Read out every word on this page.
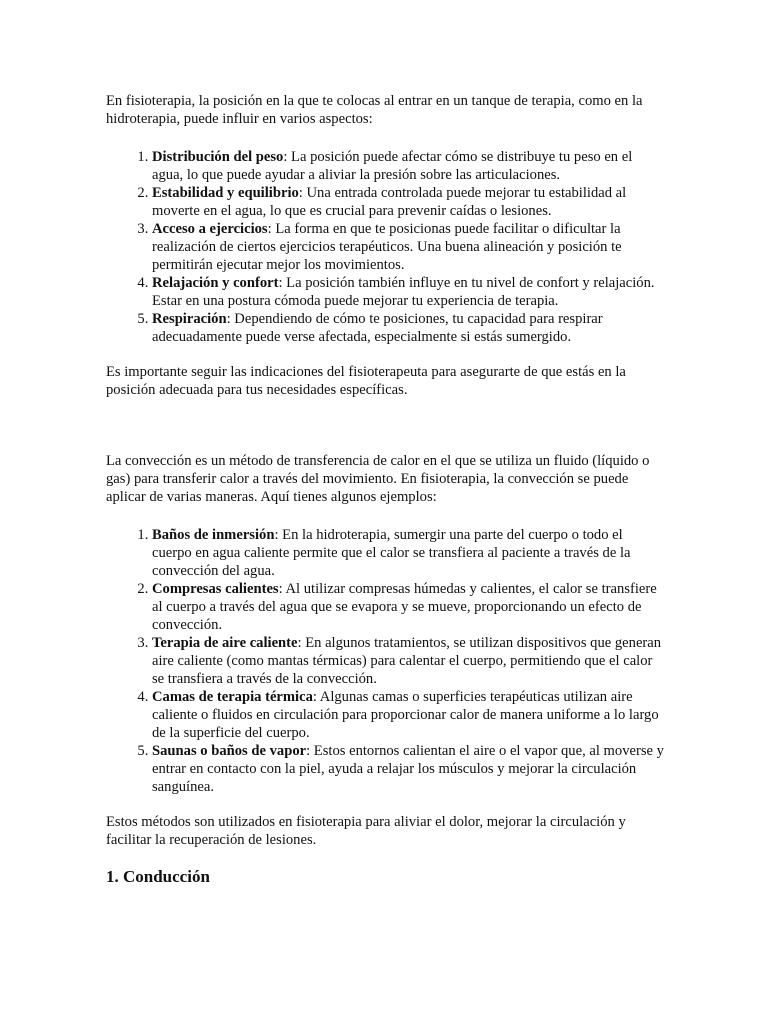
En fisioterapia, la posición en la que te colocas al entrar en un tanque de terapia, como en la hidroterapia, puede influir en varios aspectos:

1. Distribución del peso: La posición puede afectar cómo se distribuye tu peso en el agua, lo que puede ayudar a aliviar la presión sobre las articulaciones.
2. Estabilidad y equilibrio: Una entrada controlada puede mejorar tu estabilidad al moverte en el agua, lo que es crucial para prevenir caídas o lesiones.
3. Acceso a ejercicios: La forma en que te posicionas puede facilitar o dificultar la realización de ciertos ejercicios terapéuticos. Una buena alineación y posición te permitirán ejecutar mejor los movimientos.
4. Relajación y confort: La posición también influye en tu nivel de confort y relajación. Estar en una postura cómoda puede mejorar tu experiencia de terapia.
5. Respiración: Dependiendo de cómo te posiciones, tu capacidad para respirar adecuadamente puede verse afectada, especialmente si estás sumergido.

Es importante seguir las indicaciones del fisioterapeuta para asegurarte de que estás en la posición adecuada para tus necesidades específicas.

La convección es un método de transferencia de calor en el que se utiliza un fluido (líquido o gas) para transferir calor a través del movimiento. En fisioterapia, la convección se puede aplicar de varias maneras. Aquí tienes algunos ejemplos:

1. Baños de inmersión: En la hidroterapia, sumergir una parte del cuerpo o todo el cuerpo en agua caliente permite que el calor se transfiera al paciente a través de la convección del agua.
2. Compresas calientes: Al utilizar compresas húmedas y calientes, el calor se transfiere al cuerpo a través del agua que se evapora y se mueve, proporcionando un efecto de convección.
3. Terapia de aire caliente: En algunos tratamientos, se utilizan dispositivos que generan aire caliente (como mantas térmicas) para calentar el cuerpo, permitiendo que el calor se transfiera a través de la convección.
4. Camas de terapia térmica: Algunas camas o superficies terapéuticas utilizan aire caliente o fluidos en circulación para proporcionar calor de manera uniforme a lo largo de la superficie del cuerpo.
5. Saunas o baños de vapor: Estos entornos calientan el aire o el vapor que, al moverse y entrar en contacto con la piel, ayuda a relajar los músculos y mejorar la circulación sanguínea.

Estos métodos son utilizados en fisioterapia para aliviar el dolor, mejorar la circulación y facilitar la recuperación de lesiones.

1. Conducción
